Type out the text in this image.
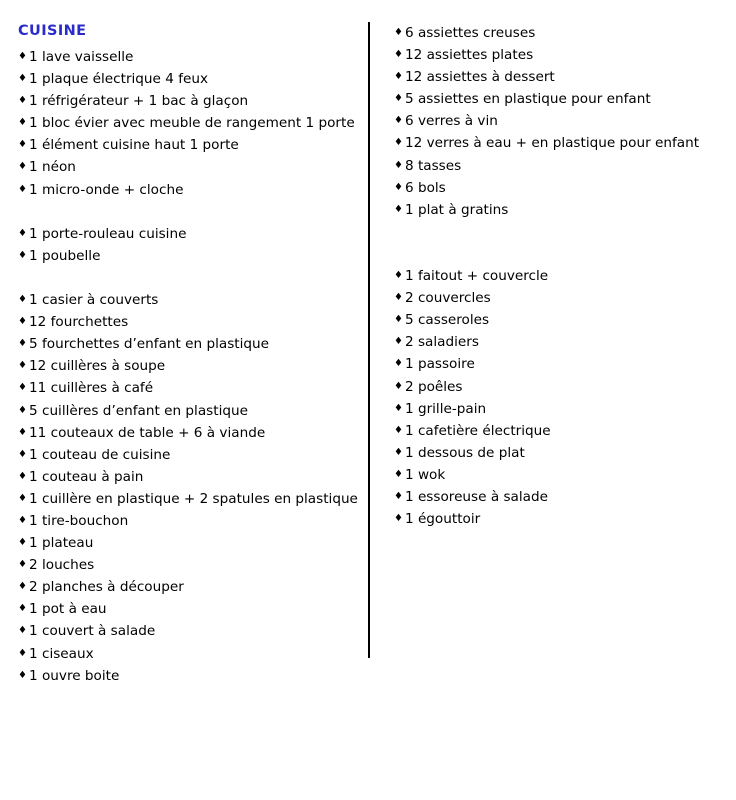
CUISINE
♦ 1 lave vaisselle
♦ 1 plaque électrique 4 feux
♦ 1 réfrigérateur + 1 bac à glaçon
♦ 1 bloc évier avec meuble de rangement 1 porte
♦ 1 élément cuisine haut 1 porte
♦ 1 néon
♦ 1 micro-onde + cloche
♦ 1 porte-rouleau cuisine
♦ 1 poubelle
♦ 1 casier à couverts
♦ 12 fourchettes
♦ 5 fourchettes d’enfant en plastique
♦ 12 cuillères à soupe
♦ 11 cuillères à café
♦ 5 cuillères d’enfant en plastique
♦ 11 couteaux de table + 6 à viande
♦ 1 couteau de cuisine
♦ 1 couteau à pain
♦ 1 cuillère en plastique + 2 spatules en plastique
♦ 1 tire-bouchon
♦ 1 plateau
♦ 2 louches
♦ 2 planches à découper
♦ 1 pot à eau
♦ 1 couvert à salade
♦ 1 ciseaux
♦ 1 ouvre boite
♦ 6 assiettes creuses
♦ 12 assiettes plates
♦ 12 assiettes à dessert
♦ 5 assiettes en plastique pour enfant
♦ 6 verres à vin
♦ 12 verres à eau + en plastique pour enfant
♦ 8 tasses
♦ 6 bols
♦ 1 plat à gratins
♦ 1 faitout + couvercle
♦ 2 couvercles
♦ 5 casseroles
♦ 2 saladiers
♦ 1 passoire
♦ 2 poêles
♦ 1 grille-pain
♦ 1 cafetière électrique
♦ 1 dessous de plat
♦ 1 wok
♦ 1 essoreuse à salade
♦ 1 égouttoir
